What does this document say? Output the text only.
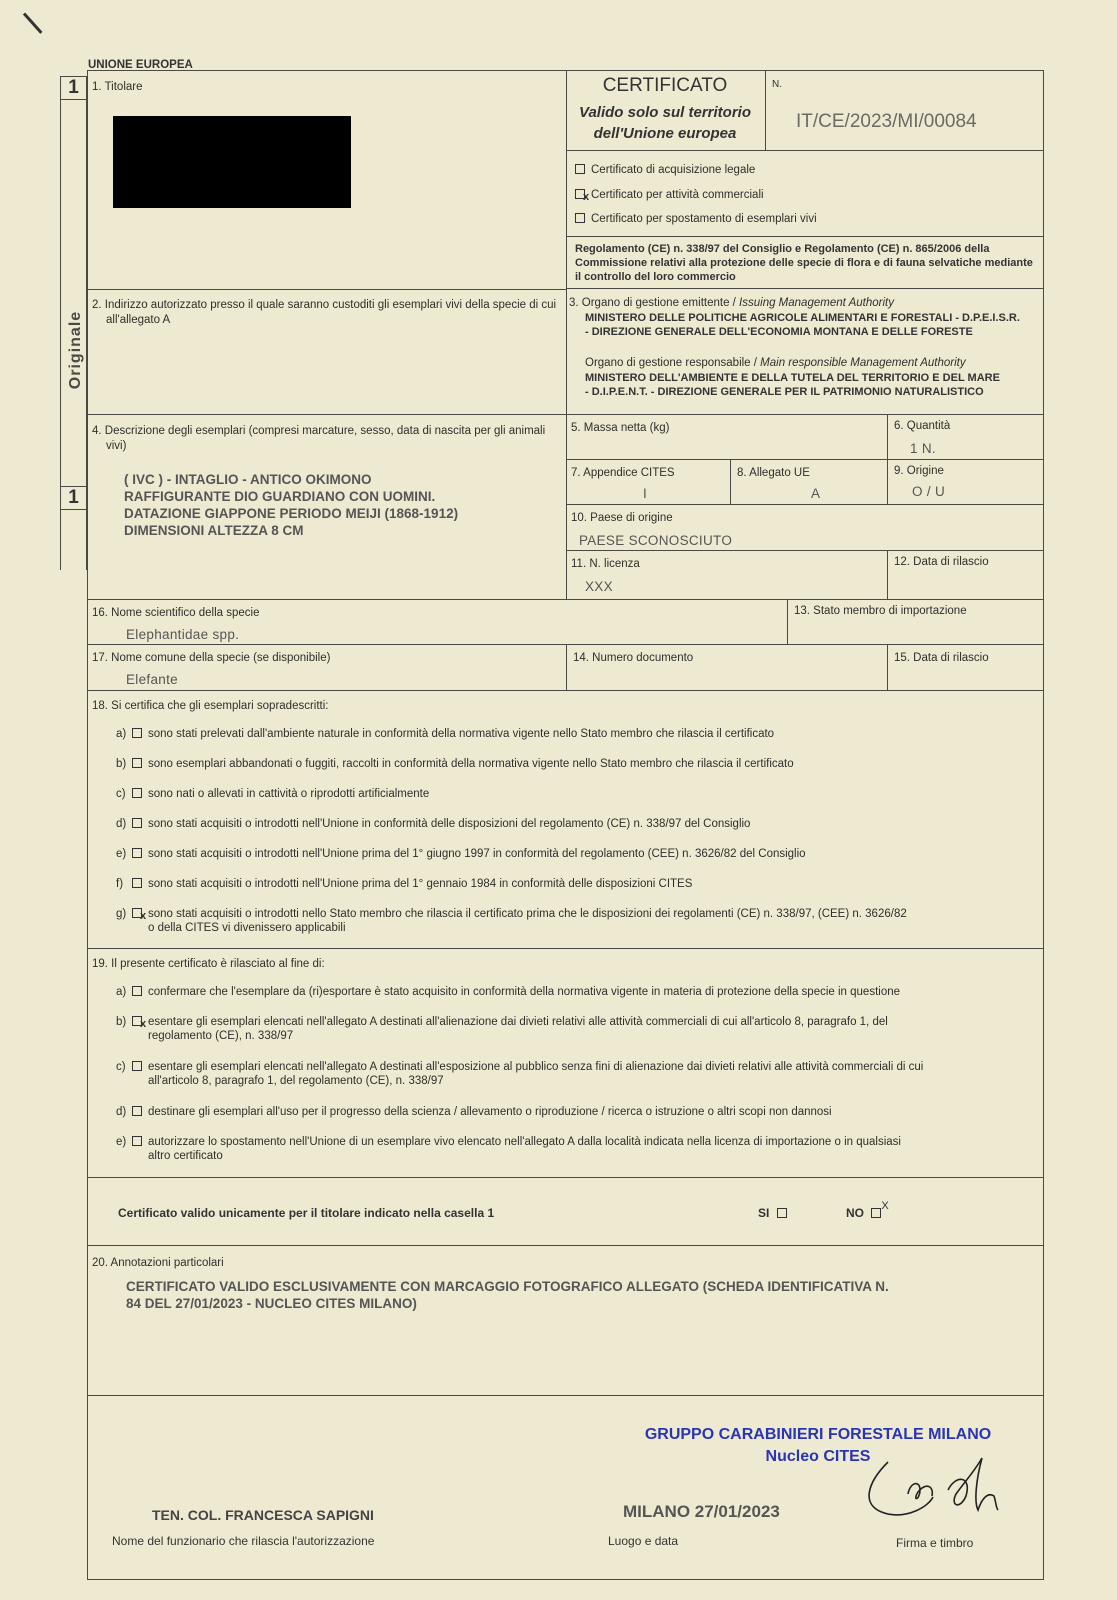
UNIONE EUROPEA
1
Originale
1
1. Titolare	CERTIFICATO
Valido solo sul territorio
dell'Unione europea
N.
IT/CE/2023/MI/00084
Certificato di acquisizione legale
x Certificato per attività commerciali
Certificato per spostamento di esemplari vivi
Regolamento (CE) n. 338/97 del Consiglio e Regolamento (CE) n. 865/2006 della Commissione relativi alla protezione delle specie di flora e di fauna selvatiche mediante il controllo del loro commercio
2. Indirizzo autorizzato presso il quale saranno custoditi gli esemplari vivi della specie di cui all'allegato A
3. Organo di gestione emittente / Issuing Management Authority
MINISTERO DELLE POLITICHE AGRICOLE ALIMENTARI E FORESTALI - D.P.E.I.S.R.
- DIREZIONE GENERALE DELL'ECONOMIA MONTANA E DELLE FORESTE
Organo di gestione responsabile / Main responsible Management Authority
MINISTERO DELL'AMBIENTE E DELLA TUTELA DEL TERRITORIO E DEL MARE
- D.I.P.E.N.T. - DIREZIONE GENERALE PER IL PATRIMONIO NATURALISTICO
4. Descrizione degli esemplari (compresi marcature, sesso, data di nascita per gli animali vivi)
( IVC ) - INTAGLIO - ANTICO OKIMONO
RAFFIGURANTE DIO GUARDIANO CON UOMINI.
DATAZIONE GIAPPONE PERIODO MEIJI (1868-1912)
DIMENSIONI ALTEZZA 8 CM
5. Massa netta (kg)	6. Quantità
1 N.
7. Appendice CITES
I
8. Allegato UE
A
9. Origine
O / U
10. Paese di origine
PAESE SCONOSCIUTO
11. N. licenza
XXX
12. Data di rilascio
16. Nome scientifico della specie
Elephantidae spp.
13. Stato membro di importazione
17. Nome comune della specie (se disponibile)
Elefante
14. Numero documento	15. Data di rilascio
18. Si certifica che gli esemplari sopradescritti:
a) sono stati prelevati dall'ambiente naturale in conformità della normativa vigente nello Stato membro che rilascia il certificato
b) sono esemplari abbandonati o fuggiti, raccolti in conformità della normativa vigente nello Stato membro che rilascia il certificato
c) sono nati o allevati in cattività o riprodotti artificialmente
d) sono stati acquisiti o introdotti nell'Unione in conformità delle disposizioni del regolamento (CE) n. 338/97 del Consiglio
e) sono stati acquisiti o introdotti nell'Unione prima del 1° giugno 1997 in conformità del regolamento (CEE) n. 3626/82 del Consiglio
f) sono stati acquisiti o introdotti nell'Unione prima del 1° gennaio 1984 in conformità delle disposizioni CITES
g) x sono stati acquisiti o introdotti nello Stato membro che rilascia il certificato prima che le disposizioni dei regolamenti (CE) n. 338/97, (CEE) n. 3626/82
o della CITES vi divenissero applicabili
19. Il presente certificato è rilasciato al fine di:
a) confermare che l'esemplare da (ri)esportare è stato acquisito in conformità della normativa vigente in materia di protezione della specie in questione
b) x esentare gli esemplari elencati nell'allegato A destinati all'alienazione dai divieti relativi alle attività commerciali di cui all'articolo 8, paragrafo 1, del
regolamento (CE), n. 338/97
c) esentare gli esemplari elencati nell'allegato A destinati all'esposizione al pubblico senza fini di alienazione dai divieti relativi alle attività commerciali di cui
all'articolo 8, paragrafo 1, del regolamento (CE), n. 338/97
d) destinare gli esemplari all'uso per il progresso della scienza / allevamento o riproduzione / ricerca o istruzione o altri scopi non dannosi
e) autorizzare lo spostamento nell'Unione di un esemplare vivo elencato nell'allegato A dalla località indicata nella licenza di importazione o in qualsiasi
altro certificato
Certificato valido unicamente per il titolare indicato nella casella 1	SI	NO X
20. Annotazioni particolari
CERTIFICATO VALIDO ESCLUSIVAMENTE CON MARCAGGIO FOTOGRAFICO ALLEGATO (SCHEDA IDENTIFICATIVA N.
84 DEL 27/01/2023 - NUCLEO CITES MILANO)
GRUPPO CARABINIERI FORESTALE MILANO
Nucleo CITES
TEN. COL. FRANCESCA SAPIGNI
Nome del funzionario che rilascia l'autorizzazione
MILANO 27/01/2023
Luogo e data	Firma e timbro
